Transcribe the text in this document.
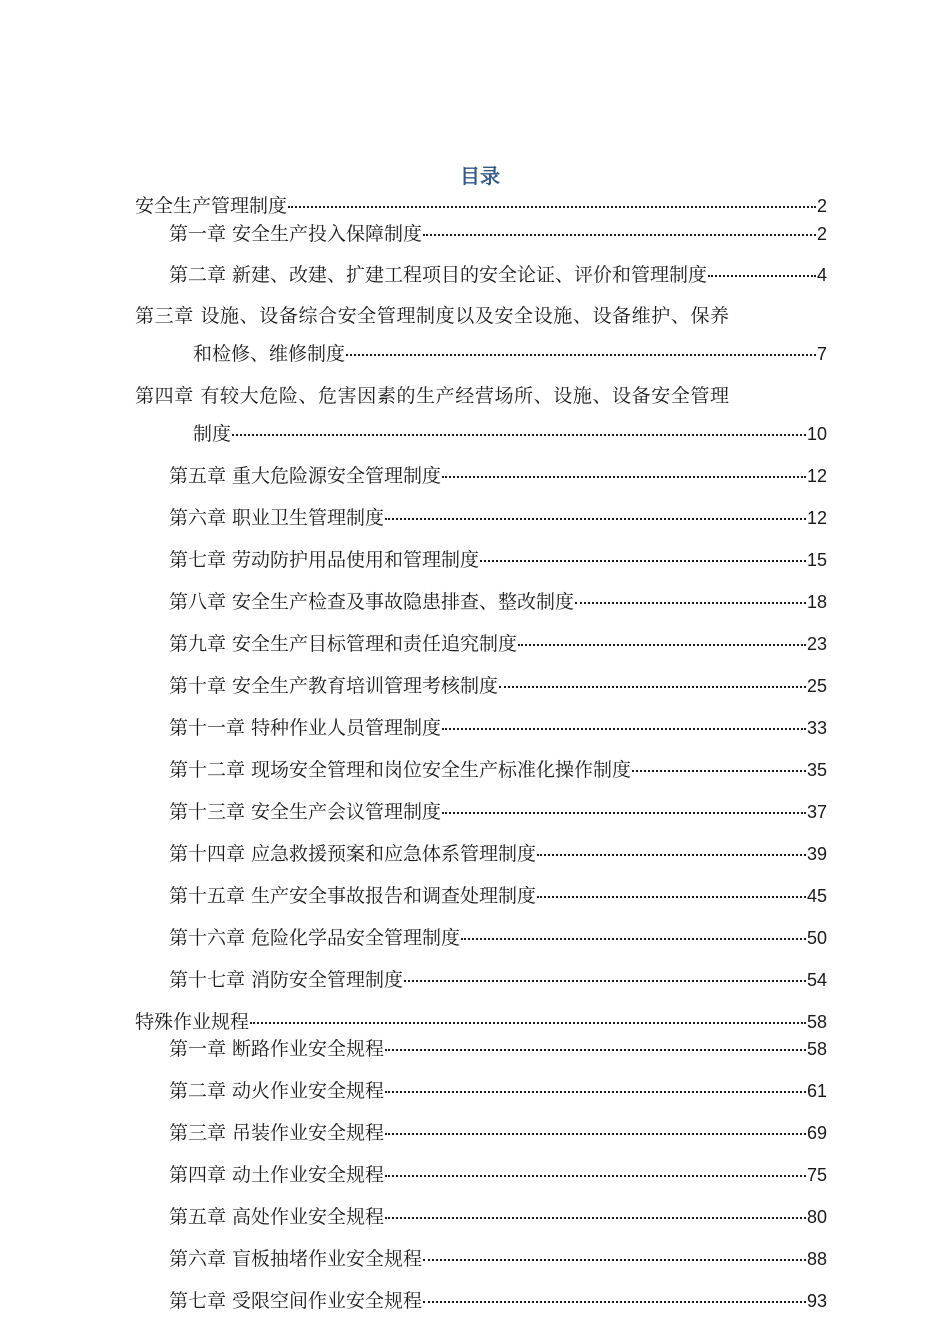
目录
安全生产管理制度	2
第一章 安全生产投入保障制度	2
第二章 新建、改建、扩建工程项目的安全论证、评价和管理制度	4
第三章 设施、设备综合安全管理制度以及安全设施、设备维护、保养
和检修、维修制度	7
第四章 有较大危险、危害因素的生产经营场所、设施、设备安全管理
制度	10
第五章 重大危险源安全管理制度	12
第六章 职业卫生管理制度	12
第七章 劳动防护用品使用和管理制度	15
第八章 安全生产检查及事故隐患排查、整改制度	18
第九章 安全生产目标管理和责任追究制度	23
第十章 安全生产教育培训管理考核制度	25
第十一章 特种作业人员管理制度	33
第十二章 现场安全管理和岗位安全生产标准化操作制度	35
第十三章 安全生产会议管理制度	37
第十四章 应急救援预案和应急体系管理制度	39
第十五章 生产安全事故报告和调查处理制度	45
第十六章 危险化学品安全管理制度	50
第十七章 消防安全管理制度	54
特殊作业规程	58
第一章 断路作业安全规程	58
第二章 动火作业安全规程	61
第三章 吊装作业安全规程	69
第四章 动土作业安全规程	75
第五章 高处作业安全规程	80
第六章 盲板抽堵作业安全规程	88
第七章 受限空间作业安全规程	93
